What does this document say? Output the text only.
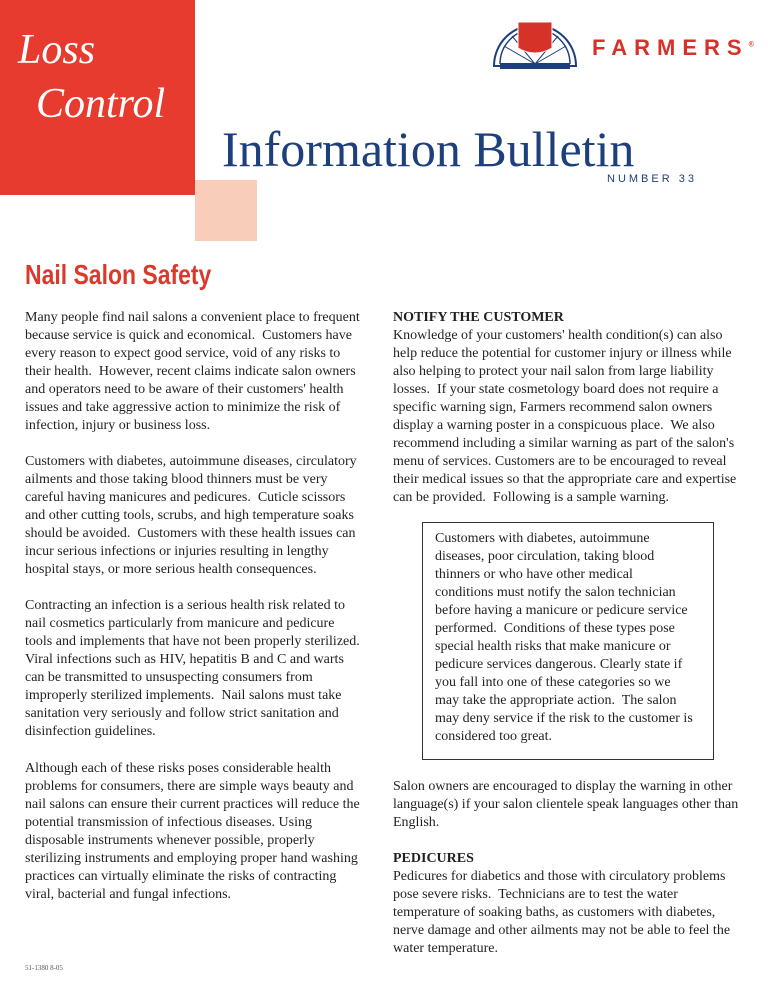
Loss
Control
FARMERS®
Information Bulletin
NUMBER 33
Nail Salon Safety
Many people find nail salons a convenient place to frequent
because service is quick and economical.  Customers have
every reason to expect good service, void of any risks to
their health.  However, recent claims indicate salon owners
and operators need to be aware of their customers' health
issues and take aggressive action to minimize the risk of
infection, injury or business loss.
Customers with diabetes, autoimmune diseases, circulatory
ailments and those taking blood thinners must be very
careful having manicures and pedicures.  Cuticle scissors
and other cutting tools, scrubs, and high temperature soaks
should be avoided.  Customers with these health issues can
incur serious infections or injuries resulting in lengthy
hospital stays, or more serious health consequences.
Contracting an infection is a serious health risk related to
nail cosmetics particularly from manicure and pedicure
tools and implements that have not been properly sterilized.
Viral infections such as HIV, hepatitis B and C and warts
can be transmitted to unsuspecting consumers from
improperly sterilized implements.  Nail salons must take
sanitation very seriously and follow strict sanitation and
disinfection guidelines.
Although each of these risks poses considerable health
problems for consumers, there are simple ways beauty and
nail salons can ensure their current practices will reduce the
potential transmission of infectious diseases. Using
disposable instruments whenever possible, properly
sterilizing instruments and employing proper hand washing
practices can virtually eliminate the risks of contracting
viral, bacterial and fungal infections.
NOTIFY THE CUSTOMER
Knowledge of your customers' health condition(s) can also
help reduce the potential for customer injury or illness while
also helping to protect your nail salon from large liability
losses.  If your state cosmetology board does not require a
specific warning sign, Farmers recommend salon owners
display a warning poster in a conspicuous place.  We also
recommend including a similar warning as part of the salon's
menu of services. Customers are to be encouraged to reveal
their medical issues so that the appropriate care and expertise
can be provided.  Following is a sample warning.
Customers with diabetes, autoimmune
diseases, poor circulation, taking blood
thinners or who have other medical
conditions must notify the salon technician
before having a manicure or pedicure service
performed.  Conditions of these types pose
special health risks that make manicure or
pedicure services dangerous. Clearly state if
you fall into one of these categories so we
may take the appropriate action.  The salon
may deny service if the risk to the customer is
considered too great.
Salon owners are encouraged to display the warning in other
language(s) if your salon clientele speak languages other than
English.
PEDICURES
Pedicures for diabetics and those with circulatory problems
pose severe risks.  Technicians are to test the water
temperature of soaking baths, as customers with diabetes,
nerve damage and other ailments may not be able to feel the
water temperature.
51-1380 8-05
